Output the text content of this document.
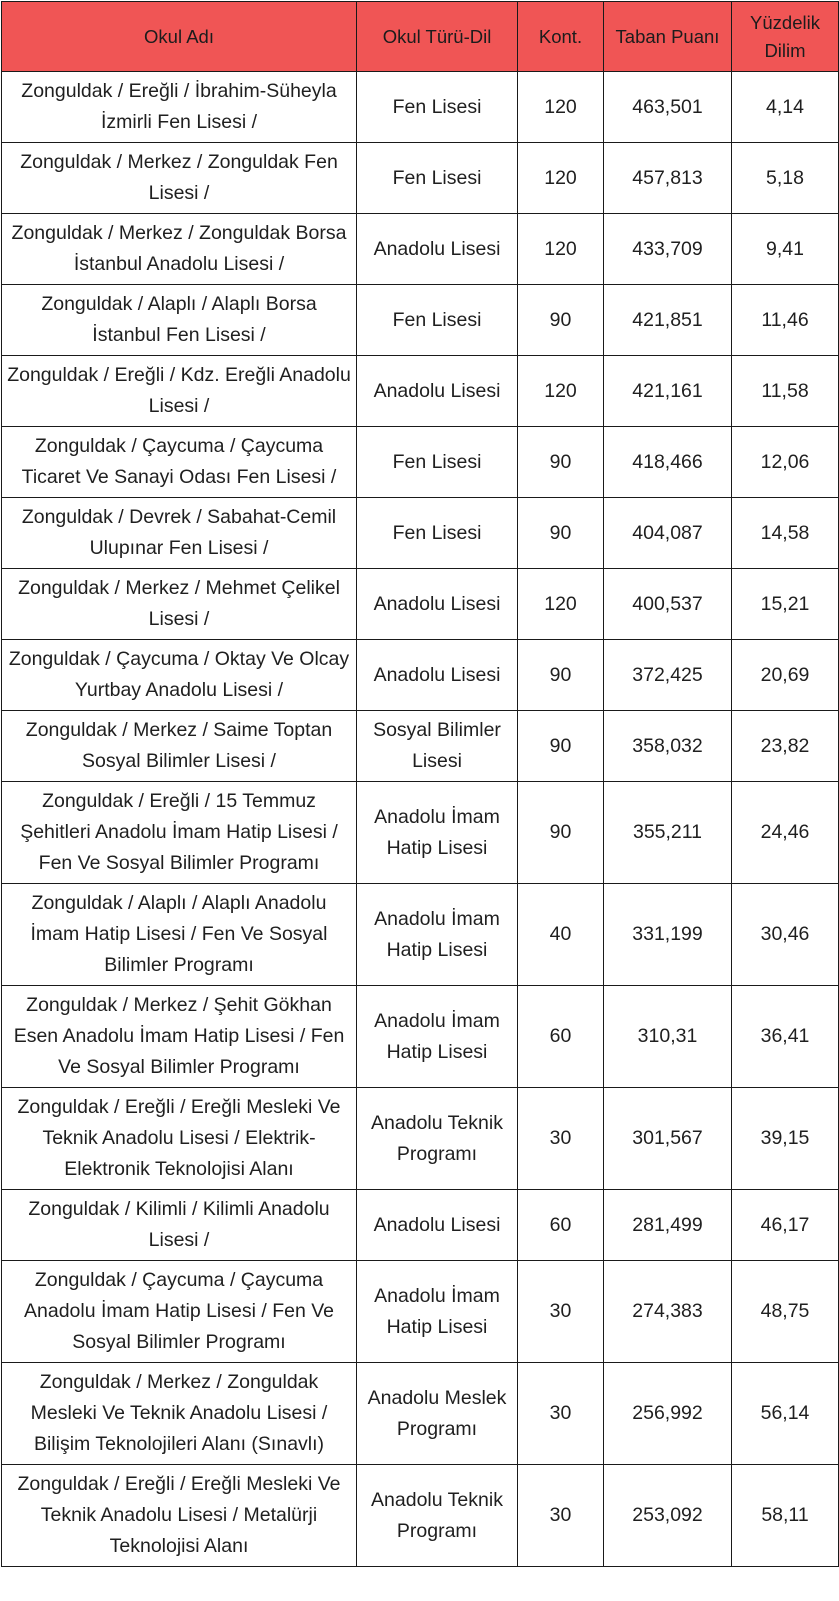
Okul Adı	Okul Türü-Dil	Kont.	Taban Puanı	Yüzdelik Dilim
Zonguldak / Ereğli / İbrahim-Süheyla İzmirli Fen Lisesi /	Fen Lisesi	120	463,501	4,14
Zonguldak / Merkez / Zonguldak Fen Lisesi /	Fen Lisesi	120	457,813	5,18
Zonguldak / Merkez / Zonguldak Borsa İstanbul Anadolu Lisesi /	Anadolu Lisesi	120	433,709	9,41
Zonguldak / Alaplı / Alaplı Borsa İstanbul Fen Lisesi /	Fen Lisesi	90	421,851	11,46
Zonguldak / Ereğli / Kdz. Ereğli Anadolu Lisesi /	Anadolu Lisesi	120	421,161	11,58
Zonguldak / Çaycuma / Çaycuma Ticaret Ve Sanayi Odası Fen Lisesi /	Fen Lisesi	90	418,466	12,06
Zonguldak / Devrek / Sabahat-Cemil Ulupınar Fen Lisesi /	Fen Lisesi	90	404,087	14,58
Zonguldak / Merkez / Mehmet Çelikel Lisesi /	Anadolu Lisesi	120	400,537	15,21
Zonguldak / Çaycuma / Oktay Ve Olcay Yurtbay Anadolu Lisesi /	Anadolu Lisesi	90	372,425	20,69
Zonguldak / Merkez / Saime Toptan Sosyal Bilimler Lisesi /	Sosyal Bilimler Lisesi	90	358,032	23,82
Zonguldak / Ereğli / 15 Temmuz Şehitleri Anadolu İmam Hatip Lisesi / Fen Ve Sosyal Bilimler Programı	Anadolu İmam Hatip Lisesi	90	355,211	24,46
Zonguldak / Alaplı / Alaplı Anadolu İmam Hatip Lisesi / Fen Ve Sosyal Bilimler Programı	Anadolu İmam Hatip Lisesi	40	331,199	30,46
Zonguldak / Merkez / Şehit Gökhan Esen Anadolu İmam Hatip Lisesi / Fen Ve Sosyal Bilimler Programı	Anadolu İmam Hatip Lisesi	60	310,31	36,41
Zonguldak / Ereğli / Ereğli Mesleki Ve Teknik Anadolu Lisesi / Elektrik-Elektronik Teknolojisi Alanı	Anadolu Teknik Programı	30	301,567	39,15
Zonguldak / Kilimli / Kilimli Anadolu Lisesi /	Anadolu Lisesi	60	281,499	46,17
Zonguldak / Çaycuma / Çaycuma Anadolu İmam Hatip Lisesi / Fen Ve Sosyal Bilimler Programı	Anadolu İmam Hatip Lisesi	30	274,383	48,75
Zonguldak / Merkez / Zonguldak Mesleki Ve Teknik Anadolu Lisesi / Bilişim Teknolojileri Alanı (Sınavlı)	Anadolu Meslek Programı	30	256,992	56,14
Zonguldak / Ereğli / Ereğli Mesleki Ve Teknik Anadolu Lisesi / Metalürji Teknolojisi Alanı	Anadolu Teknik Programı	30	253,092	58,11
